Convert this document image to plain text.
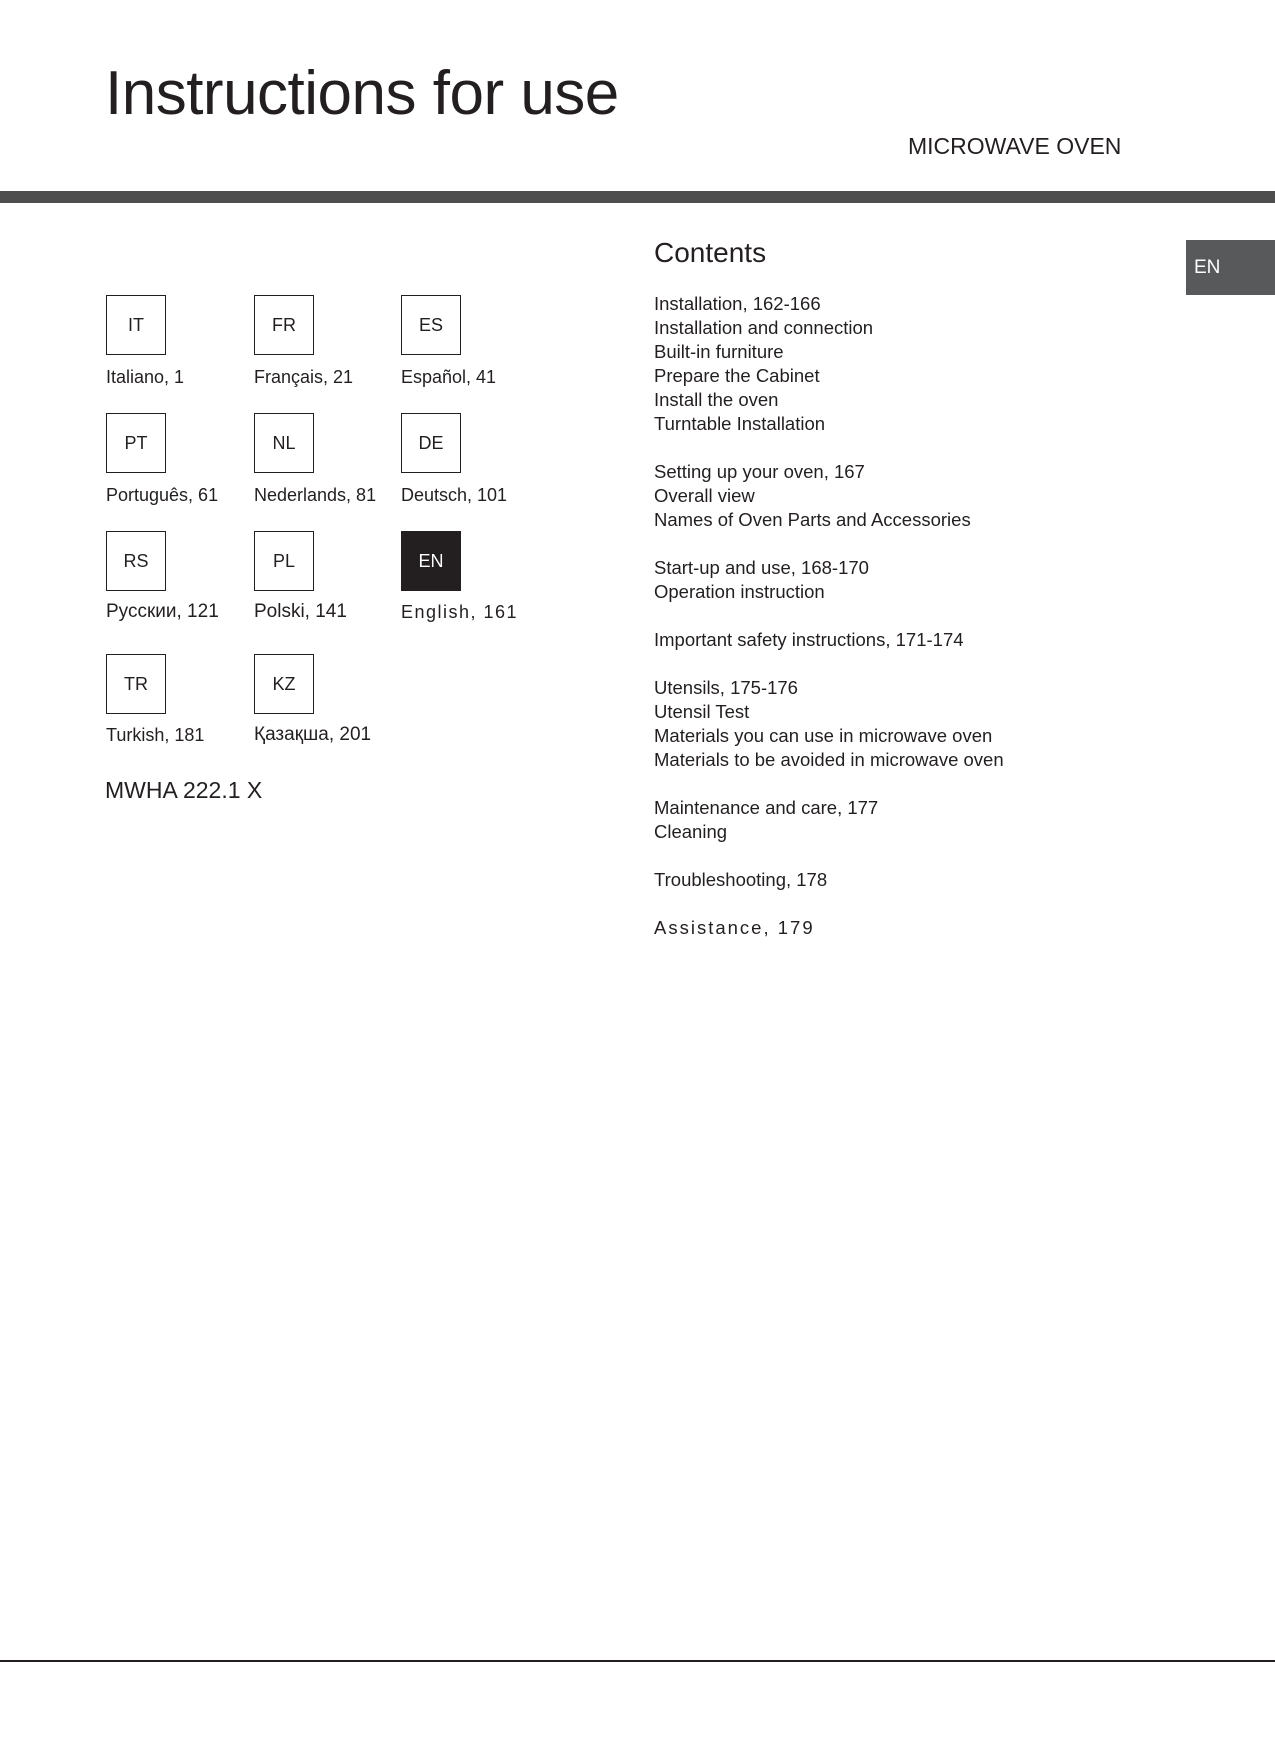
Instructions for use
MICROWAVE OVEN
EN
IT
Italiano, 1
FR
Français, 21
ES
Español, 41
PT
Português, 61
NL
Nederlands, 81
DE
Deutsch, 101
RS
Русскии, 121
PL
Polski, 141
EN
English, 161
TR
Turkish, 181
KZ
Қазақша, 201
MWHA 222.1 X
Contents
Installation, 162-166
Installation and connection
Built-in furniture
Prepare the Cabinet
Install the oven
Turntable Installation
Setting up your oven, 167
Overall view
Names of Oven Parts and Accessories
Start-up and use, 168-170
Operation instruction
Important safety instructions, 171-174
Utensils, 175-176
Utensil Test
Materials you can use in microwave oven
Materials to be avoided in microwave oven
Maintenance and care, 177
Cleaning
Troubleshooting, 178
Assistance, 179
